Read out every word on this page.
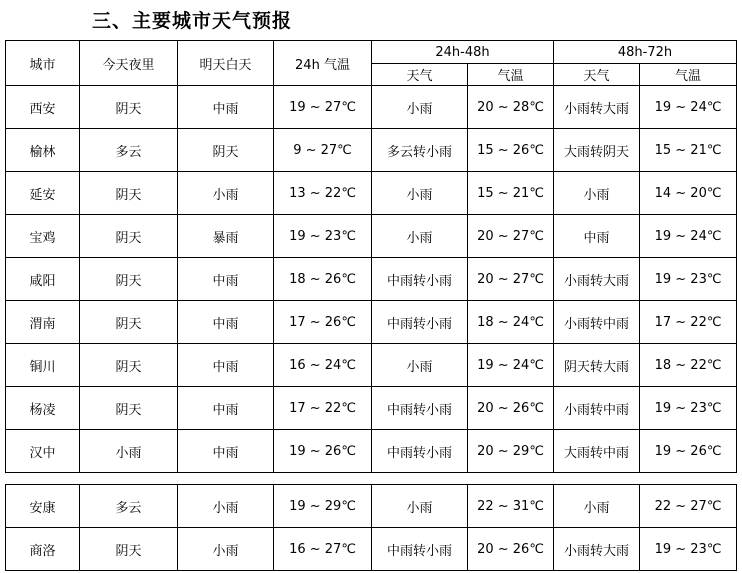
三、主要城市天气预报
城市	今天夜里	明天白天	24h 气温	24h-48h		48h-72h	
				天气	气温	天气	气温
西安	阴天	中雨	19 ~ 27℃	小雨	20 ~ 28℃	小雨转大雨	19 ~ 24℃
榆林	多云	阴天	9 ~ 27℃	多云转小雨	15 ~ 26℃	大雨转阴天	15 ~ 21℃
延安	阴天	小雨	13 ~ 22℃	小雨	15 ~ 21℃	小雨	14 ~ 20℃
宝鸡	阴天	暴雨	19 ~ 23℃	小雨	20 ~ 27℃	中雨	19 ~ 24℃
咸阳	阴天	中雨	18 ~ 26℃	中雨转小雨	20 ~ 27℃	小雨转大雨	19 ~ 23℃
渭南	阴天	中雨	17 ~ 26℃	中雨转小雨	18 ~ 24℃	小雨转中雨	17 ~ 22℃
铜川	阴天	中雨	16 ~ 24℃	小雨	19 ~ 24℃	阴天转大雨	18 ~ 22℃
杨凌	阴天	中雨	17 ~ 22℃	中雨转小雨	20 ~ 26℃	小雨转中雨	19 ~ 23℃
汉中	小雨	中雨	19 ~ 26℃	中雨转小雨	20 ~ 29℃	大雨转中雨	19 ~ 26℃
安康	多云	小雨	19 ~ 29℃	小雨	22 ~ 31℃	小雨	22 ~ 27℃
商洛	阴天	小雨	16 ~ 27℃	中雨转小雨	20 ~ 26℃	小雨转大雨	19 ~ 23℃
